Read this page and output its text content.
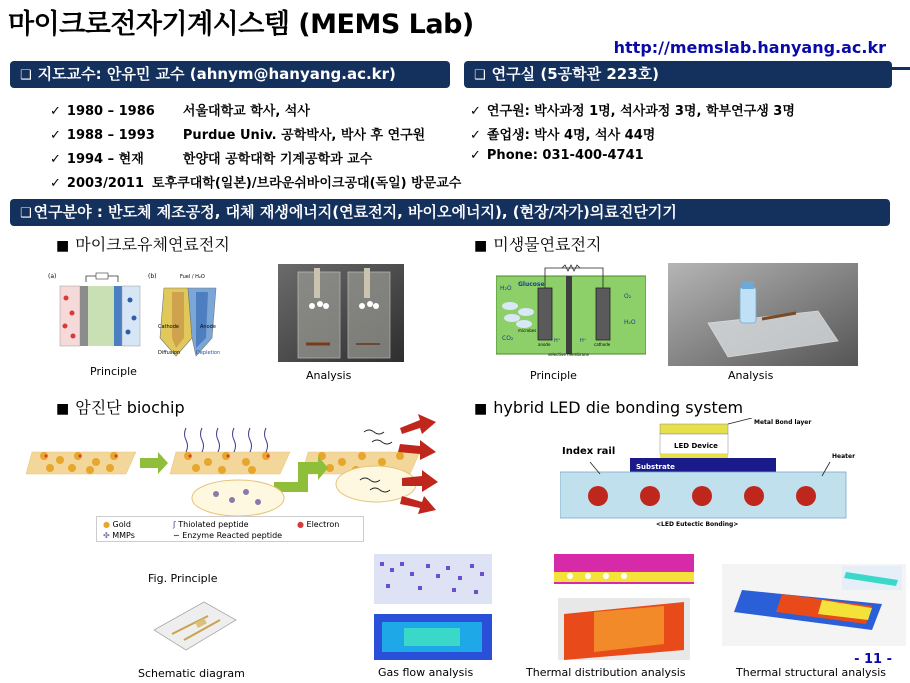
마이크로전자기계시스템 (MEMS Lab)
http://memslab.hanyang.ac.kr
❑ 지도교수: 안유민 교수 (ahnym@hanyang.ac.kr)
❑	연구실 (5공학관 223호)
✓ 1980 – 1986 서울대학교 학사, 석사
✓ 1988 – 1993 Purdue Univ. 공학박사, 박사 후 연구원
✓ 1994 – 현재	한양대 공학대학 기계공학과 교수
✓ 2003/2011 토후쿠대학(일본)/브라운쉬바이크공대(독일) 방문교수
✓ 연구원: 박사과정 1명, 석사과정 3명, 학부연구생 3명
✓ 졸업생: 박사 4명, 석사 44명
✓ Phone: 031-400-4741
❑ 연구분야 : 반도체 제조공정, 대체 재생에너지(연료전지, 바이오에너지), (현장/자가)의료진단기기
■ 마이크로유체연료전지	■ 미생물연료전지
■ 암진단 biochip	■ hybrid LED die bonding system
(a)	(b)	Fuel / H₂O
Cathode	Anode
Diffusion	Depletion
Principle	Analysis
H₂O
Glucose
microbes
CO₂
O₂
H₂O
anode	cathode
H⁺	H⁺
selective membrane
Principle	Analysis
● Gold	ʃ Thiolated peptide	● Electron
✤ MMPs	∽ Enzyme Reacted peptide
Metal Bond layer
LED Device
Index rail
Substrate
Heater
<LED Eutectic Bonding>
Fig. Principle
Schematic diagram	Gas flow analysis	Thermal distribution analysis	Thermal structural analysis
- 11 -
